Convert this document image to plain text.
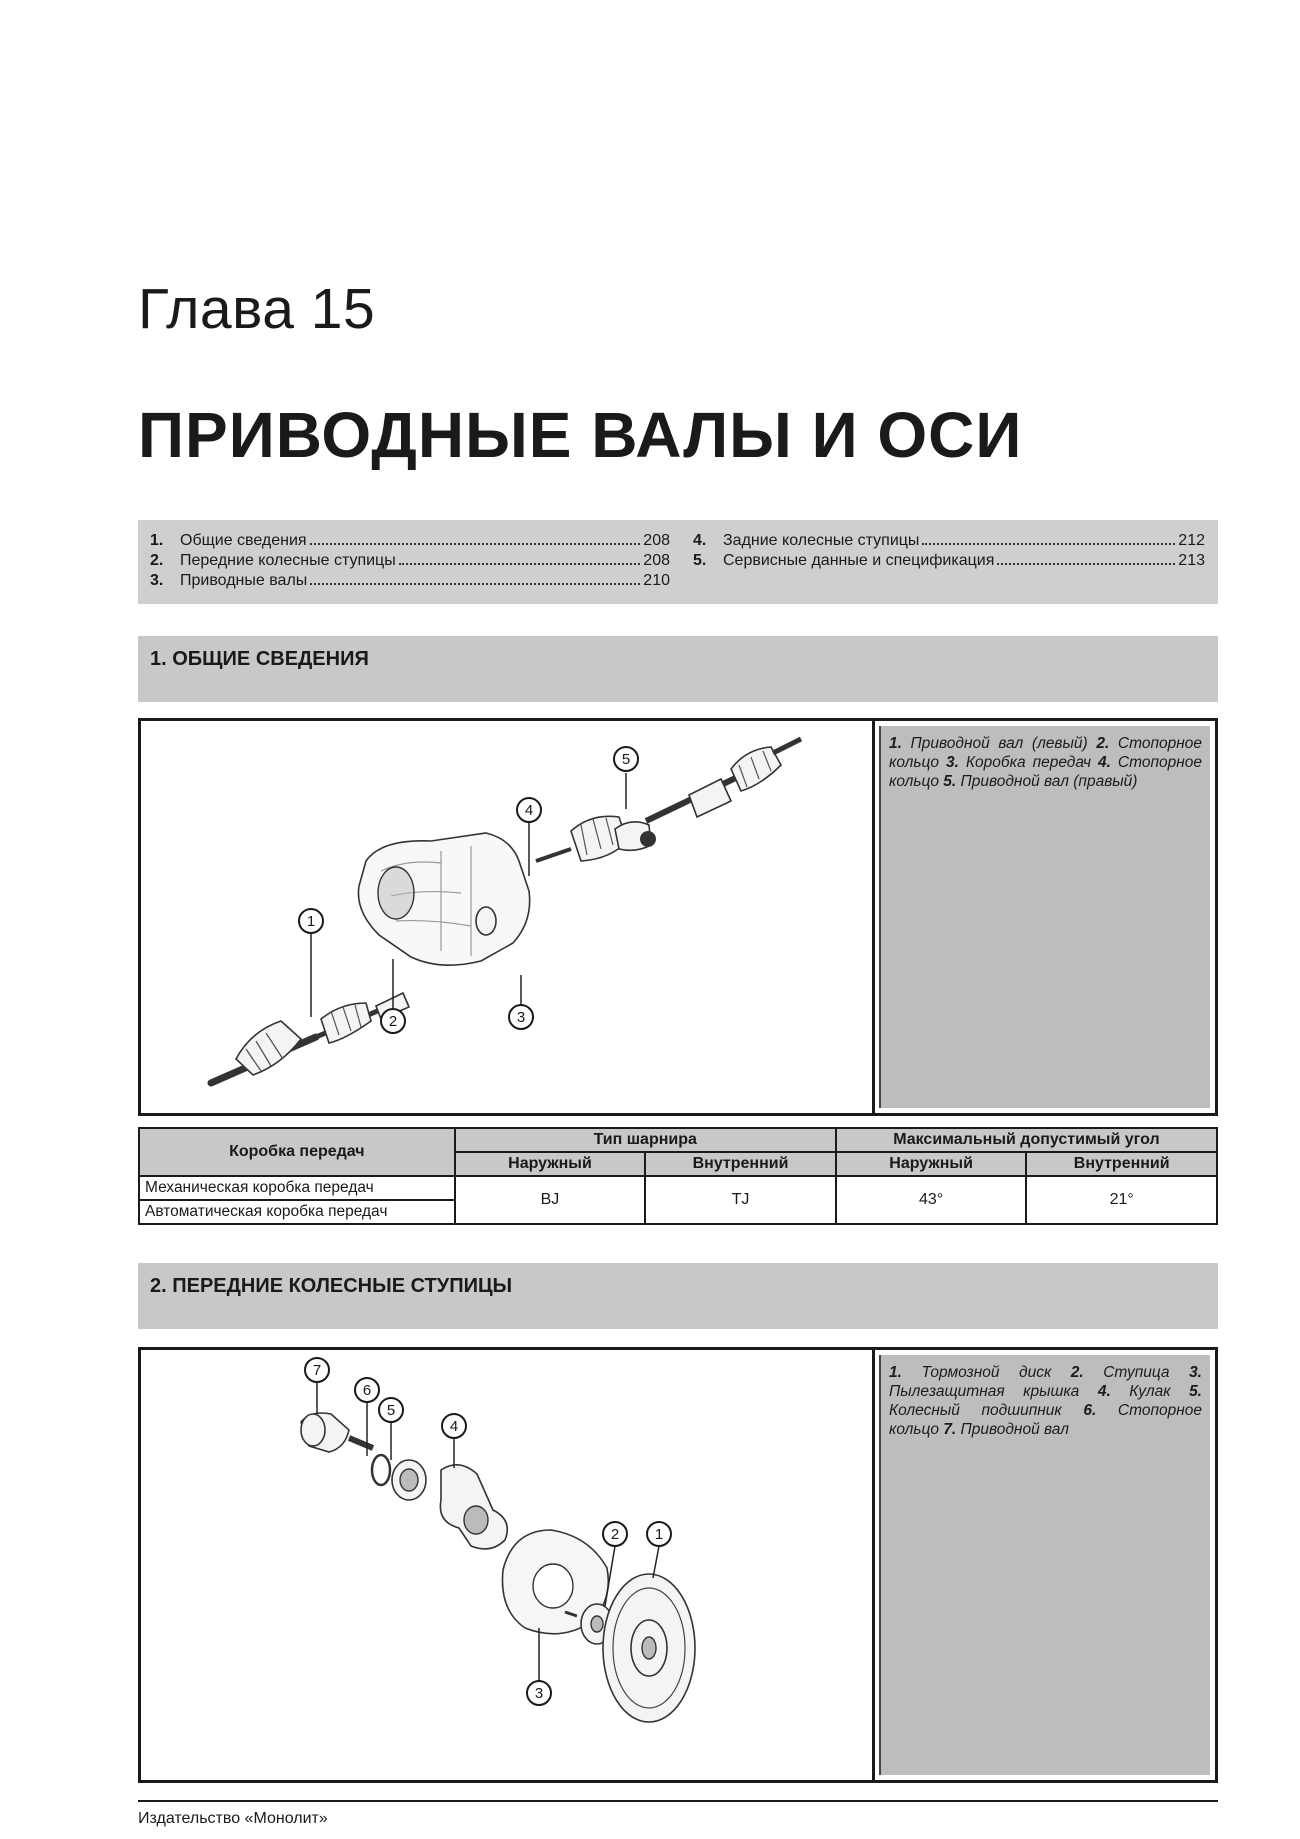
Глава 15
ПРИВОДНЫЕ ВАЛЫ И ОСИ
1.	Общие сведения	208
2.	Передние колесные ступицы	208
3.	Приводные валы	210
4.	Задние колесные ступицы	212
5.	Сервисные данные и спецификация	213
1. ОБЩИЕ СВЕДЕНИЯ
1
2	3
4
5
1. Приводной вал (левый) 2. Стопорное кольцо 3. Коробка передач 4. Стопорное кольцо 5. Приводной вал (правый)
Коробка передач	Тип шарнира		Максимальный допустимый угол	
	Наружный	Внутренний	Наружный	Внутренний
Механическая коробка передач	BJ	TJ	43°	21°
Автоматическая коробка передач				
2. ПЕРЕДНИЕ КОЛЕСНЫЕ СТУПИЦЫ
7
6
5
4
3
2 1
1. Тормозной диск 2. Ступица 3. Пылезащитная крышка 4. Кулак 5. Колесный подшипник 6. Стопорное кольцо 7. Приводной вал
Издательство «Монолит»
